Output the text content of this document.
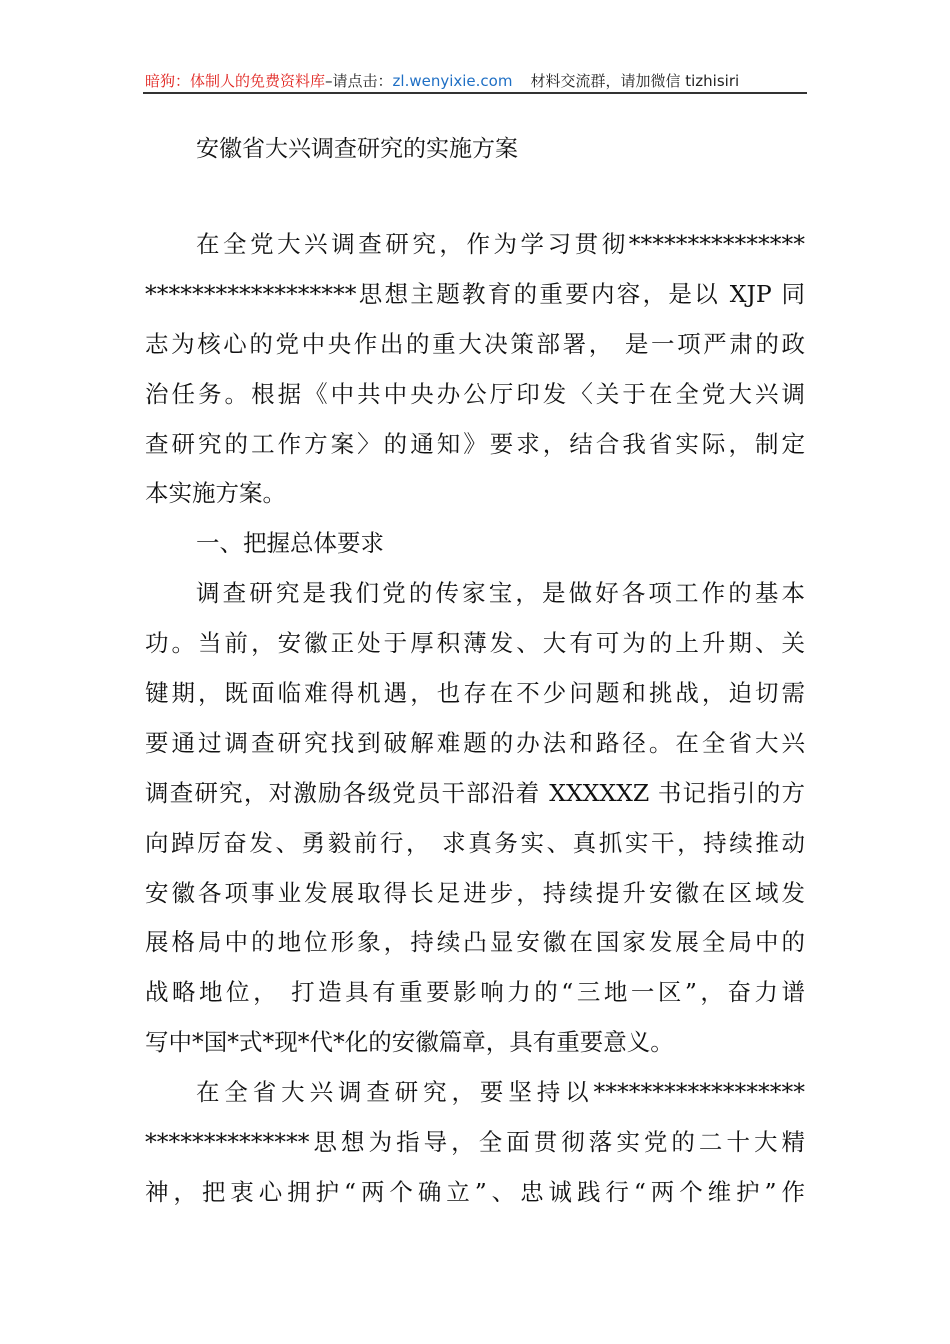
暗狗：体制人的免费资料库–请点击：zl.wenyixie.com 材料交流群，请加微信 tizhisiri
安徽省大兴调查研究的实施方案
在全党大兴调查研究，作为学习贯彻***************
******************思想主题教育的重要内容，是以 XJP 同
志为核心的党中央作出的重大决策部署， 是一项严肃的政
治任务。根据《中共中央办公厅印发〈关于在全党大兴调
查研究的工作方案〉的通知》要求，结合我省实际，制定
本实施方案。
一、把握总体要求
调查研究是我们党的传家宝，是做好各项工作的基本
功。当前，安徽正处于厚积薄发、大有可为的上升期、关
键期，既面临难得机遇，也存在不少问题和挑战，迫切需
要通过调查研究找到破解难题的办法和路径。在全省大兴
调查研究，对激励各级党员干部沿着 XXXXXZ 书记指引的方
向踔厉奋发、勇毅前行， 求真务实、真抓实干，持续推动
安徽各项事业发展取得长足进步，持续提升安徽在区域发
展格局中的地位形象，持续凸显安徽在国家发展全局中的
战略地位， 打造具有重要影响力的“三地一区”，奋力谱
写中*国*式*现*代*化的安徽篇章，具有重要意义。
在全省大兴调查研究，要坚持以******************
**************思想为指导，全面贯彻落实党的二十大精
神，把衷心拥护“两个确立”、忠诚践行“两个维护”作
